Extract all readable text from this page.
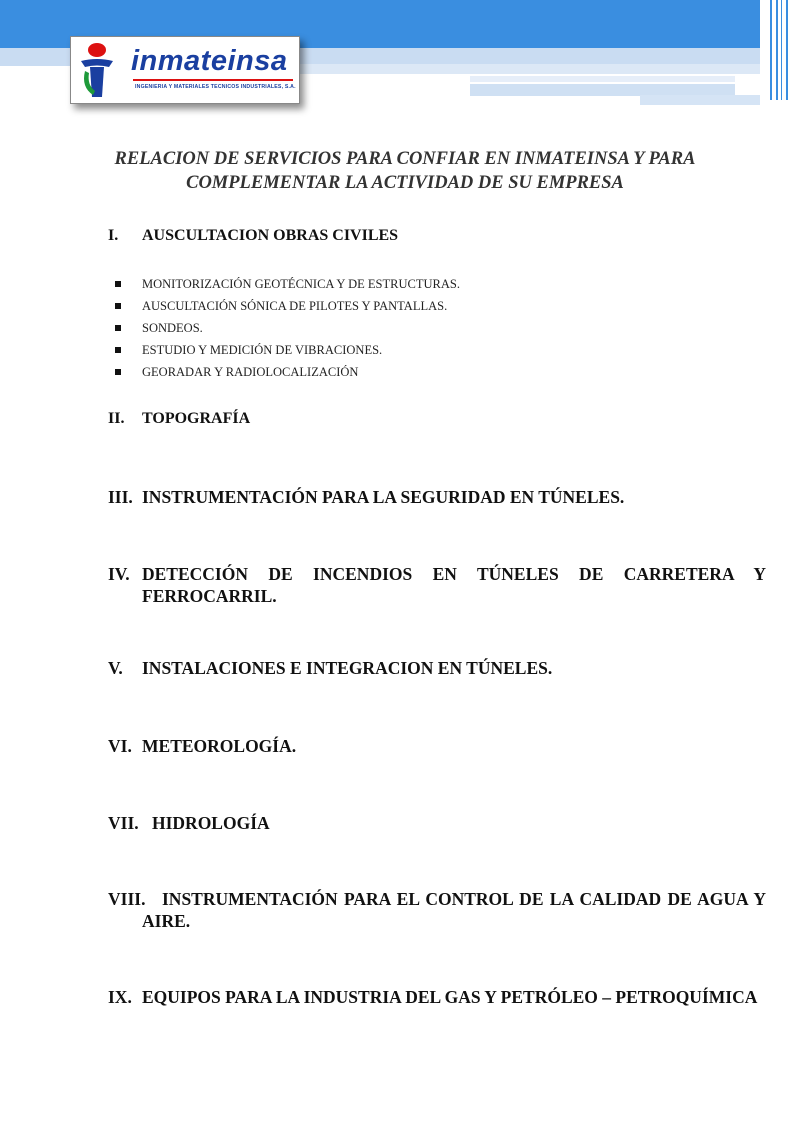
inmateinsa
INGENIERIA Y MATERIALES TECNICOS INDUSTRIALES, S.A.
RELACION DE SERVICIOS PARA CONFIAR EN INMATEINSA Y PARA COMPLEMENTAR LA ACTIVIDAD DE SU EMPRESA
I. AUSCULTACION OBRAS CIVILES
MONITORIZACIÓN GEOTÉCNICA Y DE ESTRUCTURAS.
AUSCULTACIÓN SÓNICA DE PILOTES Y PANTALLAS.
SONDEOS.
ESTUDIO Y MEDICIÓN DE VIBRACIONES.
GEORADAR Y RADIOLOCALIZACIÓN
II. TOPOGRAFÍA
III. INSTRUMENTACIÓN PARA LA SEGURIDAD EN TÚNELES.
IV. DETECCIÓN DE INCENDIOS EN TÚNELES DE CARRETERA Y FERROCARRIL.
V. INSTALACIONES E INTEGRACION EN TÚNELES.
VI. METEOROLOGÍA.
VII. HIDROLOGÍA
VIII. INSTRUMENTACIÓN PARA EL CONTROL DE LA CALIDAD DE AGUA Y AIRE.
IX. EQUIPOS PARA LA INDUSTRIA DEL GAS Y PETRÓLEO – PETROQUÍMICA
